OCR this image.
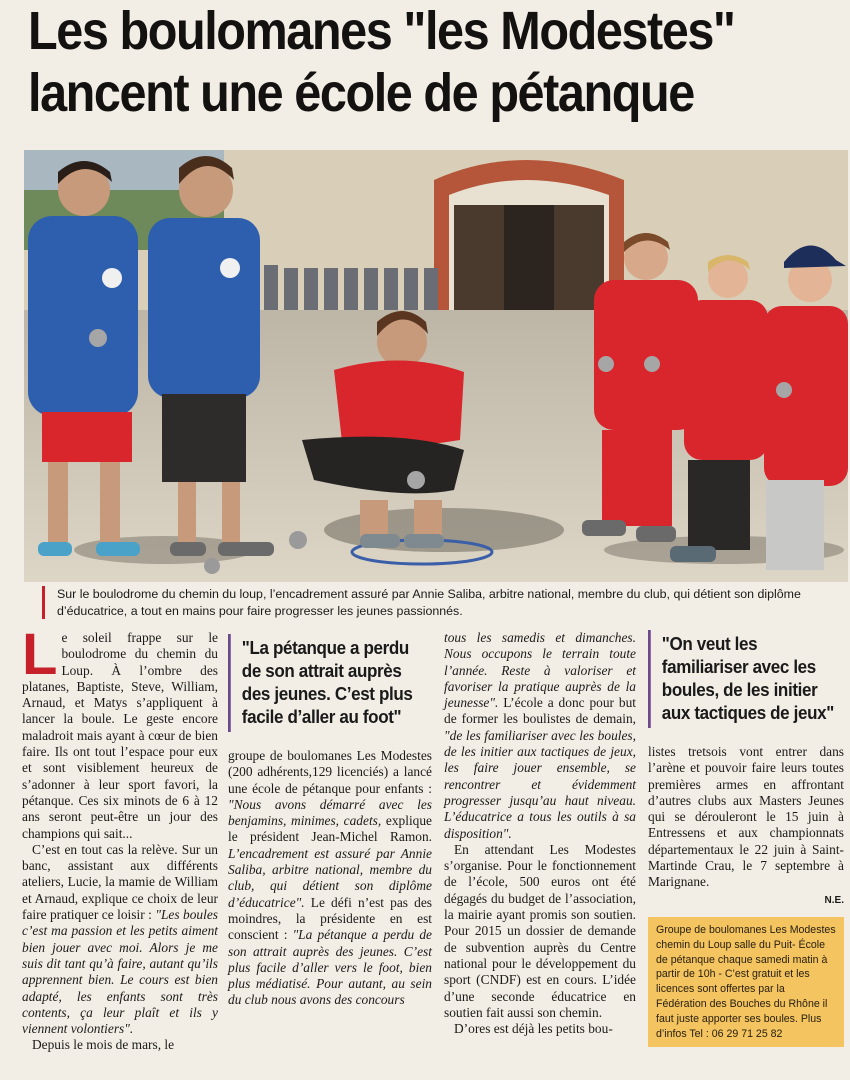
Les boulomanes "les Modestes"
lancent une école de pétanque
Sur le boulodrome du chemin du loup, l’encadrement assuré par Annie Saliba, arbitre national, membre du club, qui détient son diplôme d’éducatrice, a tout en mains pour faire progresser les jeunes passionnés.
L e soleil frappe sur le boulodrome du chemin du Loup. À l’ombre des platanes, Baptiste, Steve, William, Arnaud, et Matys s’appliquent à lancer la boule. Le geste encore maladroit mais ayant à cœur de bien faire. Ils ont tout l’espace pour eux et sont visiblement heureux de s’adonner à leur sport favori, la pétanque. Ces six minots de 6 à 12 ans seront peut-être un jour des champions qui sait...

C’est en tout cas la relève. Sur un banc, assistant aux différents ateliers, Lucie, la mamie de William et Arnaud, explique ce choix de leur faire pratiquer ce loisir : "Les boules c’est ma passion et les petits aiment bien jouer avec moi. Alors je me suis dit tant qu’à faire, autant qu’ils apprennent bien. Le cours est bien adapté, les enfants sont très contents, ça leur plaît et ils y viennent volontiers".

Depuis le mois de mars, le

"La pétanque a perdu de son attrait auprès des jeunes. C’est plus facile d’aller au foot"

groupe de boulomanes Les Modestes (200 adhérents,129 licenciés) a lancé une école de pétanque pour enfants : "Nous avons démarré avec les benjamins, minimes, cadets, explique le président Jean-Michel Ramon. L’encadrement est assuré par Annie Saliba, arbitre national, membre du club, qui détient son diplôme d’éducatrice". Le défi n’est pas des moindres, la présidente en est conscient : "La pétanque a perdu de son attrait auprès des jeunes. C’est plus facile d’aller vers le foot, bien plus médiatisé. Pour autant, au sein du club nous avons des concours

tous les samedis et dimanches. Nous occupons le terrain toute l’année. Reste à valoriser et favoriser la pratique auprès de la jeunesse". L’école a donc pour but de former les boulistes de demain, "de les familiariser avec les boules, de les initier aux tactiques de jeux, les faire jouer ensemble, se rencontrer et évidemment progresser jusqu’au haut niveau. L’éducatrice a tous les outils à sa disposition".

En attendant Les Modestes s’organise. Pour le fonctionnement de l’école, 500 euros ont été dégagés du budget de l’association, la mairie ayant promis son soutien. Pour 2015 un dossier de demande de subvention auprès du Centre national pour le développement du sport (CNDF) est en cours. L’idée d’une seconde éducatrice en soutien fait aussi son chemin.

D’ores est déjà les petits bou-

"On veut les familiariser avec les boules, de les initier aux tactiques de jeux"

listes tretsois vont entrer dans l’arène et pouvoir faire leurs toutes premières armes en affrontant d’autres clubs aux Masters Jeunes qui se dérouleront le 15 juin à Entressens et aux championnats départementaux le 22 juin à Saint-Martinde Crau, le 7 septembre à Marignane.

N.E.
Groupe de boulomanes Les Modestes chemin du Loup salle du Puit- École de pétanque chaque samedi matin à partir de 10h - C’est gratuit et les licences sont offertes par la Fédération des Bouches du Rhône il faut juste apporter ses boules. Plus d’infos Tel : 06 29 71 25 82
